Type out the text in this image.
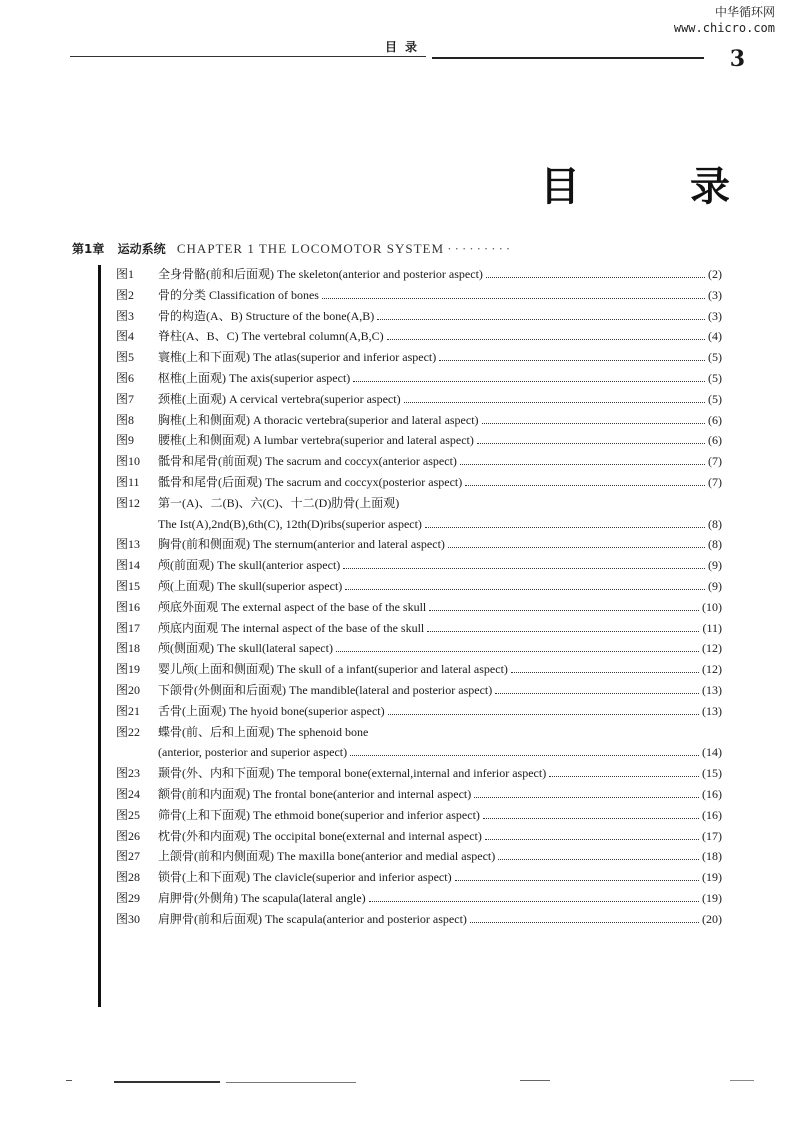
中华循环网
www.chicro.com
目录	3
目	录
第1章 运动系统 CHAPTER 1 THE LOCOMOTOR SYSTEM ·········
图1	全身骨骼(前和后面观) The skeleton(anterior and posterior aspect)	(2)
图2	骨的分类 Classification of bones	(3)
图3	骨的构造(A、B) Structure of the bone(A,B)	(3)
图4	脊柱(A、B、C) The vertebral column(A,B,C)	(4)
图5	寰椎(上和下面观) The atlas(superior and inferior aspect)	(5)
图6	枢椎(上面观) The axis(superior aspect)	(5)
图7	颈椎(上面观) A cervical vertebra(superior aspect)	(5)
图8	胸椎(上和侧面观) A thoracic vertebra(superior and lateral aspect)	(6)
图9	腰椎(上和侧面观) A lumbar vertebra(superior and lateral aspect)	(6)
图10	骶骨和尾骨(前面观) The sacrum and coccyx(anterior aspect)	(7)
图11	骶骨和尾骨(后面观) The sacrum and coccyx(posterior aspect)	(7)
图12	第一(A)、二(B)、六(C)、十二(D)肋骨(上面观)
The Ist(A),2nd(B),6th(C), 12th(D)ribs(superior aspect)	(8)
图13	胸骨(前和侧面观) The sternum(anterior and lateral aspect)	(8)
图14	颅(前面观) The skull(anterior aspect)	(9)
图15	颅(上面观) The skull(superior aspect)	(9)
图16	颅底外面观 The external aspect of the base of the skull	(10)
图17	颅底内面观 The internal aspect of the base of the skull	(11)
图18	颅(侧面观) The skull(lateral sapect)	(12)
图19	婴儿颅(上面和侧面观) The skull of a infant(superior and lateral aspect)	(12)
图20	下颌骨(外侧面和后面观) The mandible(lateral and posterior aspect)	(13)
图21	舌骨(上面观) The hyoid bone(superior aspect)	(13)
图22	蝶骨(前、后和上面观) The sphenoid bone
(anterior, posterior and superior aspect)	(14)
图23	颞骨(外、内和下面观) The temporal bone(external,internal and inferior aspect)	(15)
图24	额骨(前和内面观) The frontal bone(anterior and internal aspect)	(16)
图25	筛骨(上和下面观) The ethmoid bone(superior and inferior aspect)	(16)
图26	枕骨(外和内面观) The occipital bone(external and internal aspect)	(17)
图27	上颌骨(前和内侧面观) The maxilla bone(anterior and medial aspect)	(18)
图28	锁骨(上和下面观) The clavicle(superior and inferior aspect)	(19)
图29	肩胛骨(外侧角) The scapula(lateral angle)	(19)
图30	肩胛骨(前和后面观) The scapula(anterior and posterior aspect)	(20)
